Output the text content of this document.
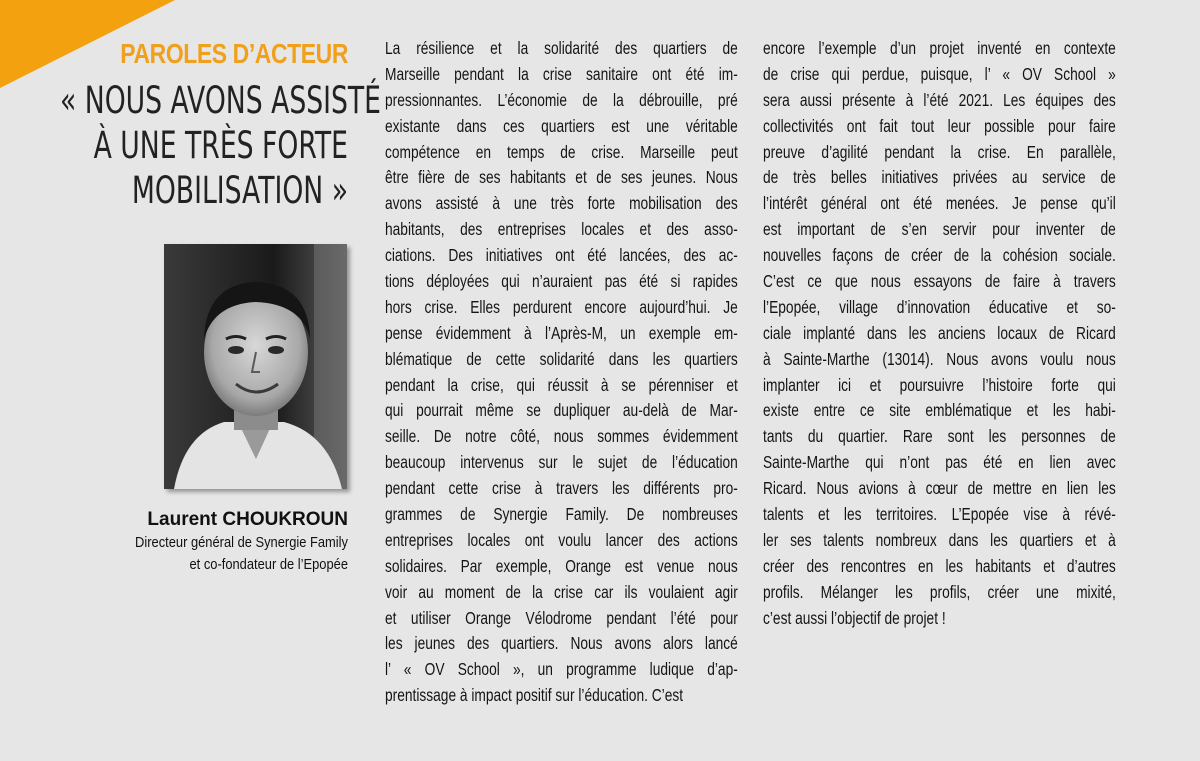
PAROLES D’ACTEUR
« NOUS AVONS ASSISTÉ
À UNE TRÈS FORTE
MOBILISATION »
Laurent CHOUKROUN
Directeur général de Synergie Family
et co-fondateur de l’Epopée
La résilience et la solidarité des quartiers de
Marseille pendant la crise sanitaire ont été im-
pressionnantes. L’économie de la débrouille, pré
existante dans ces quartiers est une véritable
compétence en temps de crise. Marseille peut
être fière de ses habitants et de ses jeunes. Nous
avons assisté à une très forte mobilisation des
habitants, des entreprises locales et des asso-
ciations. Des initiatives ont été lancées, des ac-
tions déployées qui n’auraient pas été si rapides
hors crise. Elles perdurent encore aujourd’hui. Je
pense évidemment à l’Après-M, un exemple em-
blématique de cette solidarité dans les quartiers
pendant la crise, qui réussit à se pérenniser et
qui pourrait même se dupliquer au-delà de Mar-
seille. De notre côté, nous sommes évidemment
beaucoup intervenus sur le sujet de l’éducation
pendant cette crise à travers les différents pro-
grammes de Synergie Family. De nombreuses
entreprises locales ont voulu lancer des actions
solidaires. Par exemple, Orange est venue nous
voir au moment de la crise car ils voulaient agir
et utiliser Orange Vélodrome pendant l’été pour
les jeunes des quartiers. Nous avons alors lancé
l’ « OV School », un programme ludique d’ap-
prentissage à impact positif sur l’éducation. C’est
encore l’exemple d’un projet inventé en contexte
de crise qui perdue, puisque, l’ « OV School »
sera aussi présente à l’été 2021. Les équipes des
collectivités ont fait tout leur possible pour faire
preuve d’agilité pendant la crise. En parallèle,
de très belles initiatives privées au service de
l’intérêt général ont été menées. Je pense qu’il
est important de s’en servir pour inventer de
nouvelles façons de créer de la cohésion sociale.
C’est ce que nous essayons de faire à travers
l’Epopée, village d’innovation éducative et so-
ciale implanté dans les anciens locaux de Ricard
à Sainte-Marthe (13014). Nous avons voulu nous
implanter ici et poursuivre l’histoire forte qui
existe entre ce site emblématique et les habi-
tants du quartier. Rare sont les personnes de
Sainte-Marthe qui n’ont pas été en lien avec
Ricard. Nous avions à cœur de mettre en lien les
talents et les territoires. L’Epopée vise à révé-
ler ses talents nombreux dans les quartiers et à
créer des rencontres en les habitants et d’autres
profils. Mélanger les profils, créer une mixité,
c’est aussi l’objectif de projet !
